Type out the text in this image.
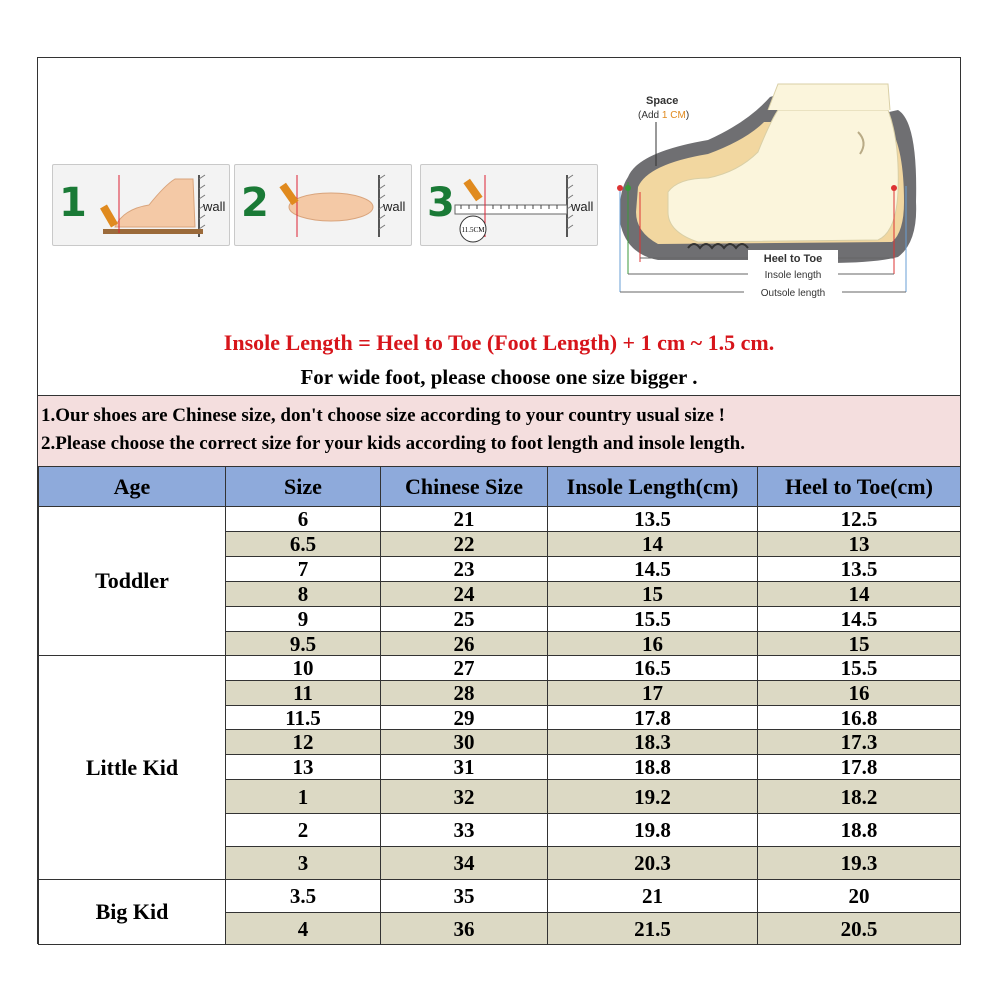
1	wall 2	wall 3
11.5CM
wall
Space
(Add 1 CM)
Heel to Toe
Insole length
Outsole length
Insole Length = Heel to Toe (Foot Length) + 1 cm ~ 1.5 cm.
For wide foot, please choose one size bigger .
1.Our shoes are Chinese size, don't choose size according to your country usual size !
2.Please choose the correct size for your kids according to foot length and insole length.
Age	Size	Chinese Size	Insole Length(cm)	Heel to Toe(cm)
Toddler	6	21	13.5	12.5
	6.5	22	14	13
	7	23	14.5	13.5
	8	24	15	14
	9	25	15.5	14.5
	9.5	26	16	15
Little Kid	10	27	16.5	15.5
	11	28	17	16
	11.5	29	17.8	16.8
	12	30	18.3	17.3
	13	31	18.8	17.8
	1	32	19.2	18.2
	2	33	19.8	18.8
	3	34	20.3	19.3
Big Kid	3.5	35	21	20
	4	36	21.5	20.5
